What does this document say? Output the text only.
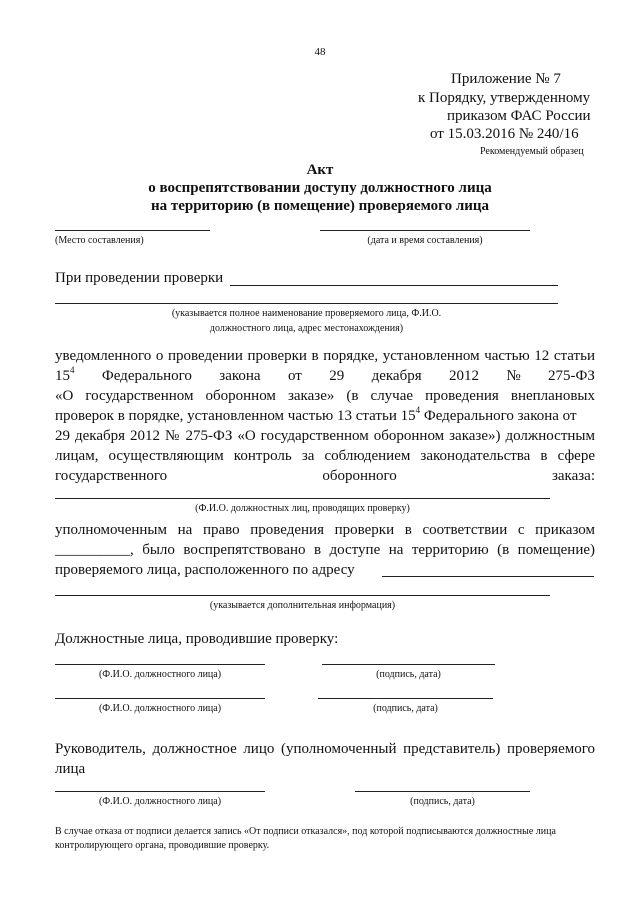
48
Приложение № 7
к Порядку, утвержденному
приказом ФАС России
от 15.03.2016 № 240/16
Рекомендуемый образец
Акт
о воспрепятствовании доступу должностного лица
на территорию (в помещение) проверяемого лица
(Место составления)	(дата и время составления)
При проведении проверки
(указывается полное наименование проверяемого лица, Ф.И.О.
должностного лица, адрес местонахождения)
уведомленного о проведении проверки в порядке, установленном частью 12 статьи
$15^4$ Федерального закона от 29 декабря 2012 № 275-ФЗ
«О государственном оборонном заказе» (в случае проведения внеплановых
проверок в порядке, установленном частью 13 статьи $15^4$ Федерального закона от
29 декабря 2012 № 275-ФЗ «О государственном оборонном заказе») должностным
лицам, осуществляющим контроль за соблюдением законодательства в сфере
государственного	оборонного	заказа:
(Ф.И.О. должностных лиц, проводящих проверку)
уполномоченным на право проведения проверки в соответствии с приказом
__________ , было воспрепятствовано в доступе на территорию (в помещение)
проверяемого лица, расположенного по адресу
(указывается дополнительная информация)
Должностные лица, проводившие проверку:
(Ф.И.О. должностного лица)	(подпись, дата)
(Ф.И.О. должностного лица)	(подпись, дата)
Руководитель, должностное лицо (уполномоченный представитель) проверяемого
лица
(Ф.И.О. должностного лица)	(подпись, дата)
В случае отказа от подписи делается запись «От подписи отказался», под которой подписываются должностные лица
контролирующего органа, проводившие проверку.
